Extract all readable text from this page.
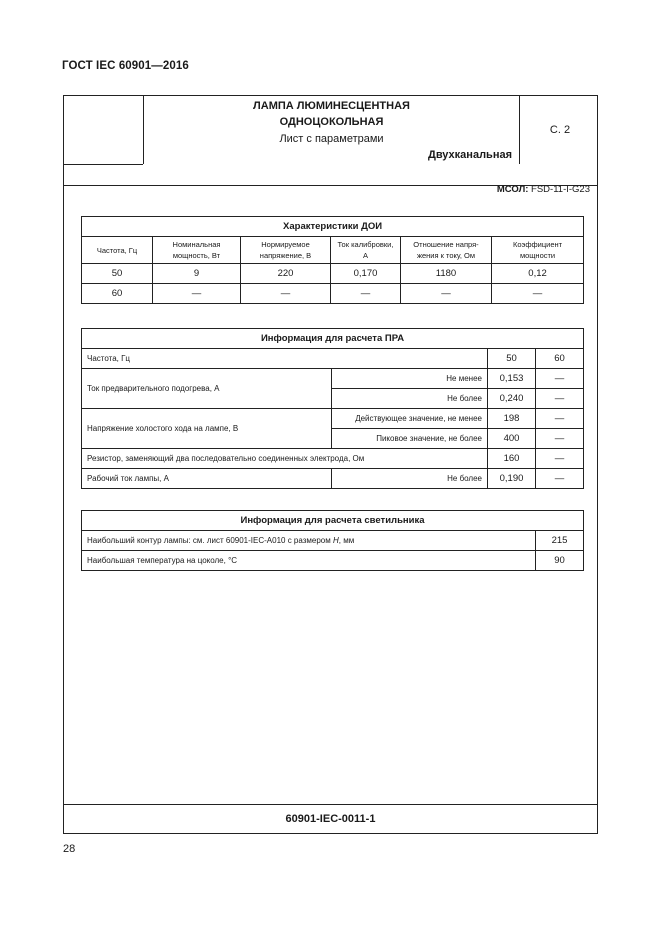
ГОСТ IEC 60901—2016
ЛАМПА ЛЮМИНЕСЦЕНТНАЯ
ОДНОЦОКОЛЬНАЯ
Лист с параметрами
Двухканальная
С. 2
МСОЛ: FSD-11-I-G23
Характеристики ДОИ					
Частота, Гц	Номинальная мощность, Вт	Нормируемое напряжение, В	Ток калибровки, А	Отношение напря-жения к току, Ом	Коэффициент мощности
50	9	220	0,170	1180	0,12
60	—	—	—	—	—
Информация для расчета ПРА			
Частота, Гц		50	60
Ток предварительного подогрева, А	Не менее	0,153	—
	Не более	0,240	—
Напряжение холостого хода на лампе, В	Действующее значение, не менее	198	—
	Пиковое значение, не более	400	—
Резистор, заменяющий два последовательно соединенных электрода, Ом		160	—
Рабочий ток лампы, А	Не более	0,190	—
Информация для расчета светильника	
Наибольший контур лампы: см. лист 60901-IEC-A010 с размером H, мм	215
Наибольшая температура на цоколе, °С	90
60901-IEC-0011-1
28
